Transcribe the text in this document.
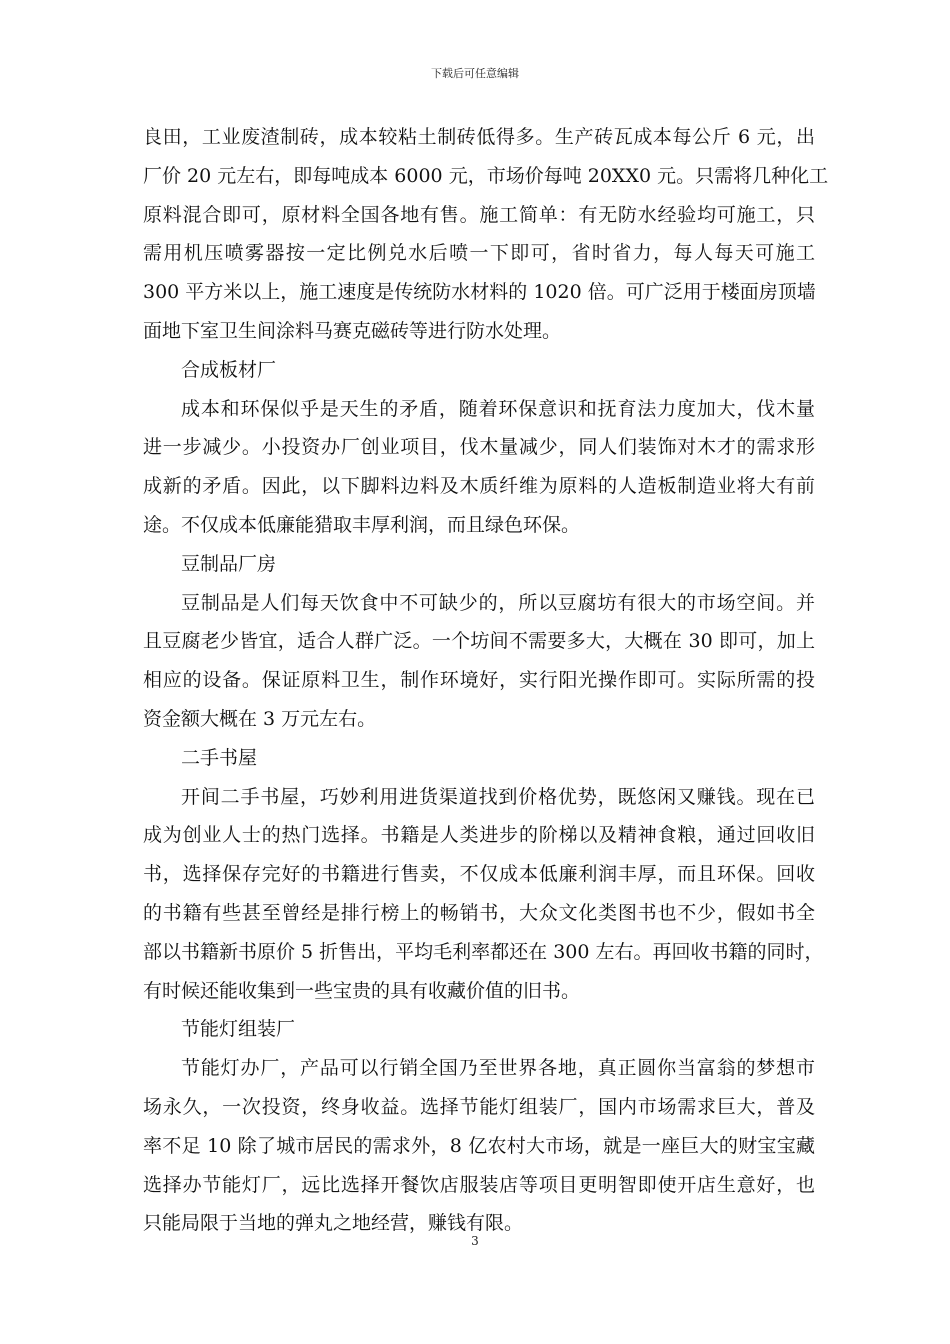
下载后可任意编辑
良田，工业废渣制砖，成本较粘土制砖低得多。生产砖瓦成本每公斤 6 元，出
厂价 20 元左右，即每吨成本 6000 元，市场价每吨 20XX0 元。只需将几种化工
原料混合即可，原材料全国各地有售。施工简单：有无防水经验均可施工，只
需用机压喷雾器按一定比例兑水后喷一下即可，省时省力，每人每天可施工
300 平方米以上，施工速度是传统防水材料的 1020 倍。可广泛用于楼面房顶墙
面地下室卫生间涂料马赛克磁砖等进行防水处理。
合成板材厂
成本和环保似乎是天生的矛盾，随着环保意识和抚育法力度加大，伐木量
进一步减少。小投资办厂创业项目，伐木量减少，同人们装饰对木才的需求形
成新的矛盾。因此，以下脚料边料及木质纤维为原料的人造板制造业将大有前
途。不仅成本低廉能猎取丰厚利润，而且绿色环保。
豆制品厂房
豆制品是人们每天饮食中不可缺少的，所以豆腐坊有很大的市场空间。并
且豆腐老少皆宜，适合人群广泛。一个坊间不需要多大，大概在 30 即可，加上
相应的设备。保证原料卫生，制作环境好，实行阳光操作即可。实际所需的投
资金额大概在 3 万元左右。
二手书屋
开间二手书屋，巧妙利用进货渠道找到价格优势，既悠闲又赚钱。现在已
成为创业人士的热门选择。书籍是人类进步的阶梯以及精神食粮，通过回收旧
书，选择保存完好的书籍进行售卖，不仅成本低廉利润丰厚，而且环保。回收
的书籍有些甚至曾经是排行榜上的畅销书，大众文化类图书也不少，假如书全
部以书籍新书原价 5 折售出，平均毛利率都还在 300 左右。再回收书籍的同时，
有时候还能收集到一些宝贵的具有收藏价值的旧书。
节能灯组装厂
节能灯办厂，产品可以行销全国乃至世界各地，真正圆你当富翁的梦想市
场永久，一次投资，终身收益。选择节能灯组装厂，国内市场需求巨大，普及
率不足 10 除了城市居民的需求外，8 亿农村大市场，就是一座巨大的财宝宝藏
选择办节能灯厂，远比选择开餐饮店服装店等项目更明智即使开店生意好，也
只能局限于当地的弹丸之地经营，赚钱有限。
3
